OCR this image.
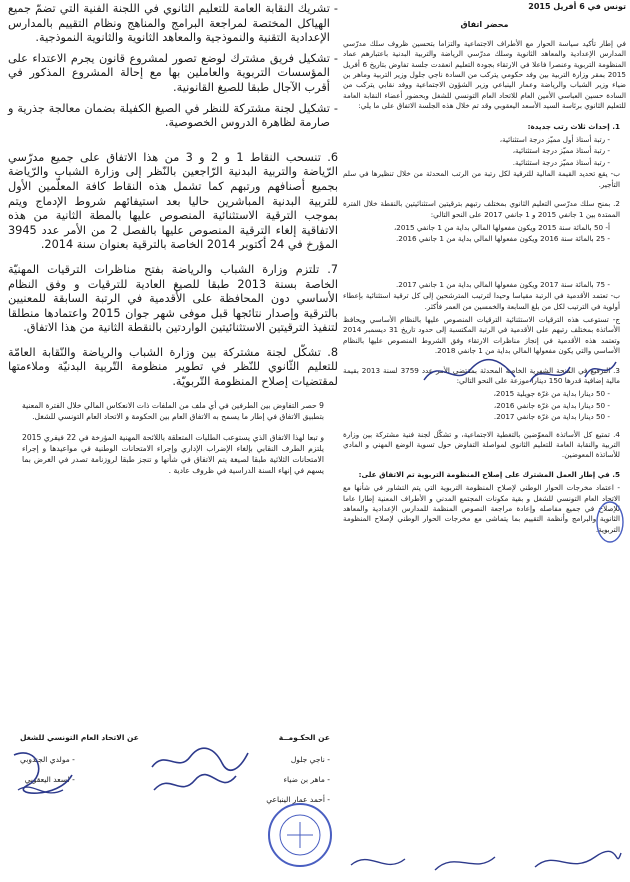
تونس في 6 أفريل 2015
محضر اتفاق

في إطار تأكيد سياسة الحوار مع الأطراف الاجتماعية والتزاما بتحسين ظروف سلك مدرّسي المدارس الإعدادية والمعاهد الثانوية وسلك مدرّسي الرياضة والتربية البدنية باعتبارهم عماد المنظومة التربوية وعنصرا فاعلا في الارتقاء بجودة التعليم انعقدت جلسة تفاوض بتاريخ 6 أفريل 2015 بمقر وزارة التربية بين وفد حكومي يتركب من السادة ناجي جلول وزير التربية وماهر بن ضياء وزير الشباب والرياضة وعمار الينباعي وزير الشؤون الاجتماعية ووفد نقابي يتركب من السادة حسين العباسي الأمين العام للاتحاد العام التونسي للشغل وبحضور أعضاء النقابة العامة للتعليم الثانوي برئاسة السيد الأسعد اليعقوبي وقد تم خلال هذه الجلسة الاتفاق على ما يلي:

1. إحداث ثلاث رتب جديدة:
- رتبة أستاذ أول مميّز درجة استثنائية،
- رتبة أستاذ مميّز درجة استثنائية،
- رتبة أستاذ مميّز درجة استثنائية.
ب- يقع تحديد القيمة المالية للترقية لكل رتبة من الرتب المحدثة من خلال تنظيرها في سلم التأجير.
2. بمنح سلك مدرّسي التعليم الثانوي بمختلف رتبهم بترقيتين استثنائيتين بالنقطة خلال الفترة الممتدة بين 1 جانفي 2015 و 1 جانفي 2017 على النحو التالي:
أ- 50 بالمائة سنة 2015 ويكون مفعولها المالي بداية من 1 جانفي 2015،
- 25 بالمائة سنة 2016 ويكون مفعولها المالي بداية من 1 جانفي 2016.
- 75 بالمائة سنة 2017 ويكون مفعولها المالي بداية من 1 جانفي 2017.
ب- تعتمد الأقدمية في الرتبة مقياسا وحيدا لترتيب المترشحين إلى كل ترقية استثنائية بإعطاء أولوية في الترتيب لكل من بلغ السابعة والخمسين من العمر فأكثر.
ج- تستوعب هذه الترقيات الاستثنائية الترقيات المنصوص عليها بالنظام الأساسي ويحافظ الأساتذة بمختلف رتبهم على الأقدمية في الرتبة المكتسبة إلى حدود تاريخ 31 ديسمبر 2014 وتعتمد هذه الأقدمية في إنجاز مناظرات الارتقاء وفق الشروط المنصوص عليها بالنظام الأساسي والتي يكون مفعولها المالي بداية من 1 جانفي 2018.
3. الترفيع في المنحة الشهرية الخاصة المحدثة بمقتضى الأمر عدد 3759 لسنة 2013 بقيمة مالية إضافية قدرها 150 دينارا موزعة على النحو التالي:
- 50 دينارا بداية من غرّة جويلية 2015،
- 50 دينارا بداية من غرّة جانفي 2016،
- 50 دينارا بداية من غرّة جانفي 2017.
4. تمتيع كل الأساتذة المعوّضين بالتغطية الاجتماعية، و تشكّل لجنة فنية مشتركة بين وزارة التربية والنقابة العامة للتعليم الثانوي لمواصلة التفاوض حول تسوية الوضع المهني و المادي للأساتذة المعوضين.
5. في إطار العمل المشترك على إصلاح المنظومة التربوية تم الاتفاق على:
- اعتماد مخرجات الحوار الوطني لإصلاح المنظومة التربوية التي يتم التشاور في شأنها مع الاتحاد العام التونسي للشغل و بقية مكونات المجتمع المدني و الأطراف المعنية إطارا عاما للإصلاح في جميع مفاصله وإعادة مراجعة النصوص المنظمة للمدارس الإعدادية والمعاهد الثانوية والبرامج وأنظمة التقييم بما يتماشى مع مخرجات الحوار الوطني لإصلاح المنظومة التربوية.
-
تشريك النقابة العامة للتعليم الثانوي في اللجنة الفنية التي تضمّ جميع الهياكل المختصة لمراجعة البرامج والمناهج ونظام التقييم بالمدارس الإعدادية التقنية والنموذجية والمعاهد الثانوية والثانوية النموذجية.
-
تشكيل فريق مشترك لوضع تصور لمشروع قانون يجرم الاعتداء على المؤسسات التربوية والعاملين بها مع إحالة المشروع المذكور في أقرب الآجال طبقا للصيغ القانونية.
-
تشكيل لجنة مشتركة للنظر في الصيغ الكفيلة بضمان معالجة جذرية و صارمة لظاهرة الدروس الخصوصية.

6. تنسحب النقاط 1 و 2 و 3 من هذا الاتفاق على جميع مدرّسي الرّياضة والتربية البدنية الرّاجعين بالنّظر إلى وزارة الشباب والرّياضة بجميع أصنافهم ورتبهم كما تشمل هذه النقاط كافة المعلّمين الأول للتربية البدنية المباشرين حاليا بعد استيفائهم شروط الإدماج ويتم بموجب الترقية الاستثنائية المنصوص عليها بالمطة الثانية من هذه الاتفاقية إلغاء الترقية المنصوص عليها بالفصل 2 من الأمر عدد 3945 المؤرخ في 24 أكتوبر 2014 الخاصة بالترقية بعنوان سنة 2014.

7. تلتزم وزارة الشباب والرياضة بفتح مناظرات الترقيات المهنيّة الخاصة بسنة 2013 طبقا للصيغ العادية للترقيات و وفق النظام الأساسي دون المحافظة على الأقدمية في الرتبة السابقة للمعنيين بالترقية وإصدار نتائجها قبل موفى شهر جوان 2015 واعتمادها منطلقا لتنفيذ الترقيتين الاستثنائيتين الواردتين بالنقطة الثانية من هذا الاتفاق.

8. تشكّل لجنة مشتركة بين وزارة الشباب والرياضة والنّقابة العامّة للتعليم الثّانوي للنّظر في تطوير منظومة التّربية البدنيّة وملاءمتها لمقتضيات إصلاح المنظومة التّربويّة.

9 حصر التفاوض بين الطرفين في أي ملف من الملفات ذات الانعكاس المالي خلال الفترة المعنية بتطبيق الاتفاق في إطار ما يسمح به الاتفاق العام بين الحكومة و الاتحاد العام التونسي للشغل.

و تبعا لهذا الاتفاق الذي يستوعب الطلبات المتعلقة باللائحة المهنية المؤرخة في 22 فيفري 2015 يلتزم الطرف النقابي بإلغاء الإضراب الإداري وإجراء الامتحانات الوطنية في مواعيدها و إجراء الامتحانات الثلاثية طبقا لصيغة يتم الاتفاق في شأنها و تنجز طبقا لروزنامة تصدر في الغرض بما يسهم في إنهاء السنة الدراسية في ظروف عادية .

عن الحكـومــة
عن الاتحاد العام التونسي للشغل
- ناجي جلول
- ماهر بن ضياء
- أحمد عمار الينباعي
- مولدي الجندوبي
- لسعد اليعقوبي
